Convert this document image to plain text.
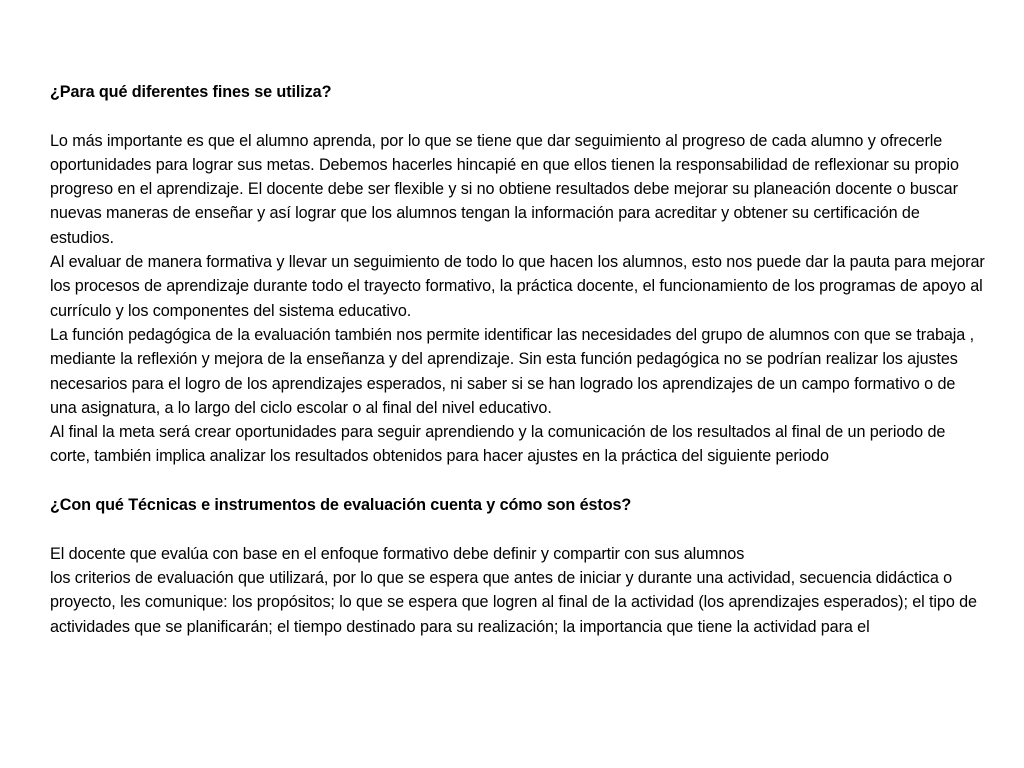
¿Para qué diferentes fines se utiliza?

Lo más importante es que el alumno aprenda, por lo que se tiene que dar seguimiento al progreso de cada alumno y ofrecerle oportunidades para lograr sus metas. Debemos hacerles hincapié en que ellos tienen la responsabilidad de reflexionar su propio progreso en el aprendizaje. El docente debe ser flexible y si no obtiene resultados debe mejorar su planeación docente o buscar nuevas maneras de enseñar y así lograr que los alumnos tengan la información para acreditar y obtener su certificación de estudios.

Al evaluar de manera formativa y llevar un seguimiento de todo lo que hacen los alumnos, esto nos puede dar la pauta para mejorar los procesos de aprendizaje durante todo el trayecto formativo, la práctica docente, el funcionamiento de los programas de apoyo al currículo y los componentes del sistema educativo.

La función pedagógica de la evaluación también nos permite identificar las necesidades del grupo de alumnos con que se trabaja , mediante la reflexión y mejora de la enseñanza y del aprendizaje. Sin esta función pedagógica no se podrían realizar los ajustes necesarios para el logro de los aprendizajes esperados, ni saber si se han logrado los aprendizajes de un campo formativo o de una asignatura, a lo largo del ciclo escolar o al final del nivel educativo.

Al final la meta será crear oportunidades para seguir aprendiendo y la comunicación de los resultados al final de un periodo de corte, también implica analizar los resultados obtenidos para hacer ajustes en la práctica del siguiente periodo

¿Con qué Técnicas e instrumentos de evaluación cuenta y cómo son éstos?

El docente que evalúa con base en el enfoque formativo debe definir y compartir con sus alumnos

los criterios de evaluación que utilizará, por lo que se espera que antes de iniciar y durante una actividad, secuencia didáctica o proyecto, les comunique: los propósitos; lo que se espera que logren al final de la actividad (los aprendizajes esperados); el tipo de actividades que se planificarán; el tiempo destinado para su realización; la importancia que tiene la actividad para el
